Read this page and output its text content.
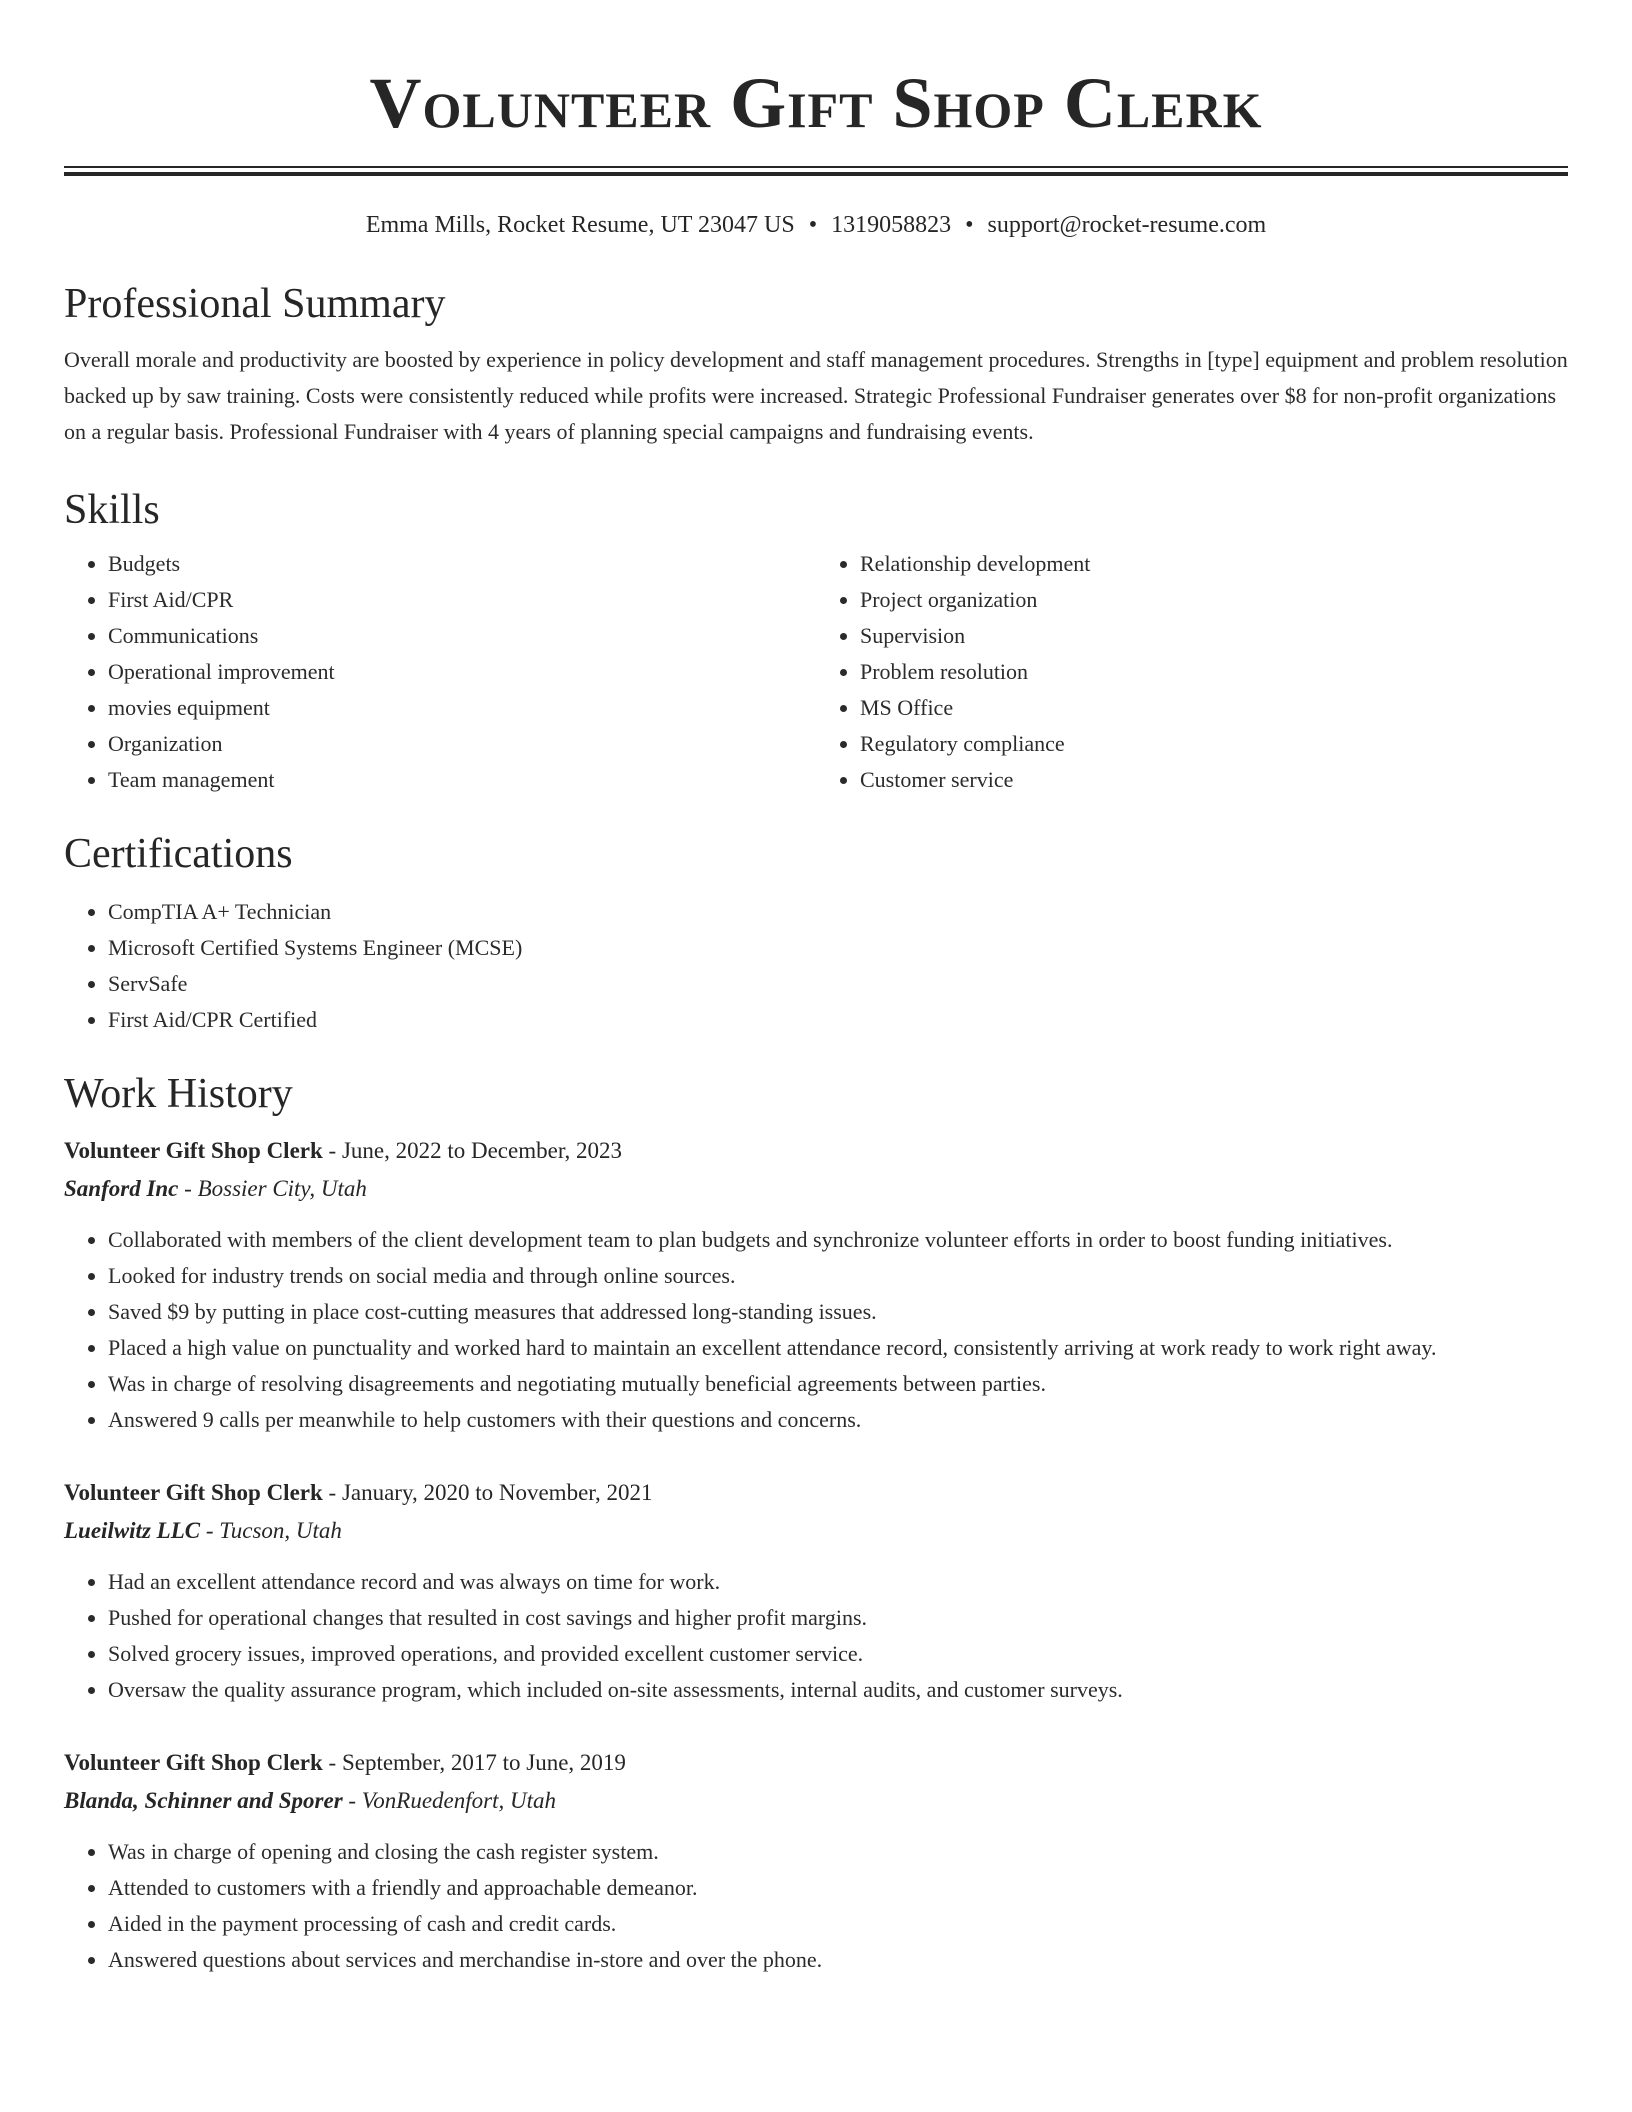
Volunteer Gift Shop Clerk
Emma Mills, Rocket Resume, UT 23047 US • 1319058823 • support@rocket-resume.com
Professional Summary

Overall morale and productivity are boosted by experience in policy development and staff management procedures. Strengths in [type] equipment and problem resolution backed up by saw training. Costs were consistently reduced while profits were increased. Strategic Professional Fundraiser generates over $8 for non-profit organizations on a regular basis. Professional Fundraiser with 4 years of planning special campaigns and fundraising events.

Skills
• Budgets
• First Aid/CPR
• Communications
• Operational improvement
• movies equipment
• Organization
• Team management
• Relationship development
• Project organization
• Supervision
• Problem resolution
• MS Office
• Regulatory compliance
• Customer service
Certifications
• CompTIA A+ Technician
• Microsoft Certified Systems Engineer (MCSE)
• ServSafe
• First Aid/CPR Certified
Work History
Volunteer Gift Shop Clerk - June, 2022 to December, 2023
Sanford Inc - Bossier City, Utah
• Collaborated with members of the client development team to plan budgets and synchronize volunteer efforts in order to boost funding initiatives.
• Looked for industry trends on social media and through online sources.
• Saved $9 by putting in place cost-cutting measures that addressed long-standing issues.
• Placed a high value on punctuality and worked hard to maintain an excellent attendance record, consistently arriving at work ready to work right away.
• Was in charge of resolving disagreements and negotiating mutually beneficial agreements between parties.
• Answered 9 calls per meanwhile to help customers with their questions and concerns.
Volunteer Gift Shop Clerk - January, 2020 to November, 2021
Lueilwitz LLC - Tucson, Utah
• Had an excellent attendance record and was always on time for work.
• Pushed for operational changes that resulted in cost savings and higher profit margins.
• Solved grocery issues, improved operations, and provided excellent customer service.
• Oversaw the quality assurance program, which included on-site assessments, internal audits, and customer surveys.
Volunteer Gift Shop Clerk - September, 2017 to June, 2019
Blanda, Schinner and Sporer - VonRuedenfort, Utah
• Was in charge of opening and closing the cash register system.
• Attended to customers with a friendly and approachable demeanor.
• Aided in the payment processing of cash and credit cards.
• Answered questions about services and merchandise in-store and over the phone.
